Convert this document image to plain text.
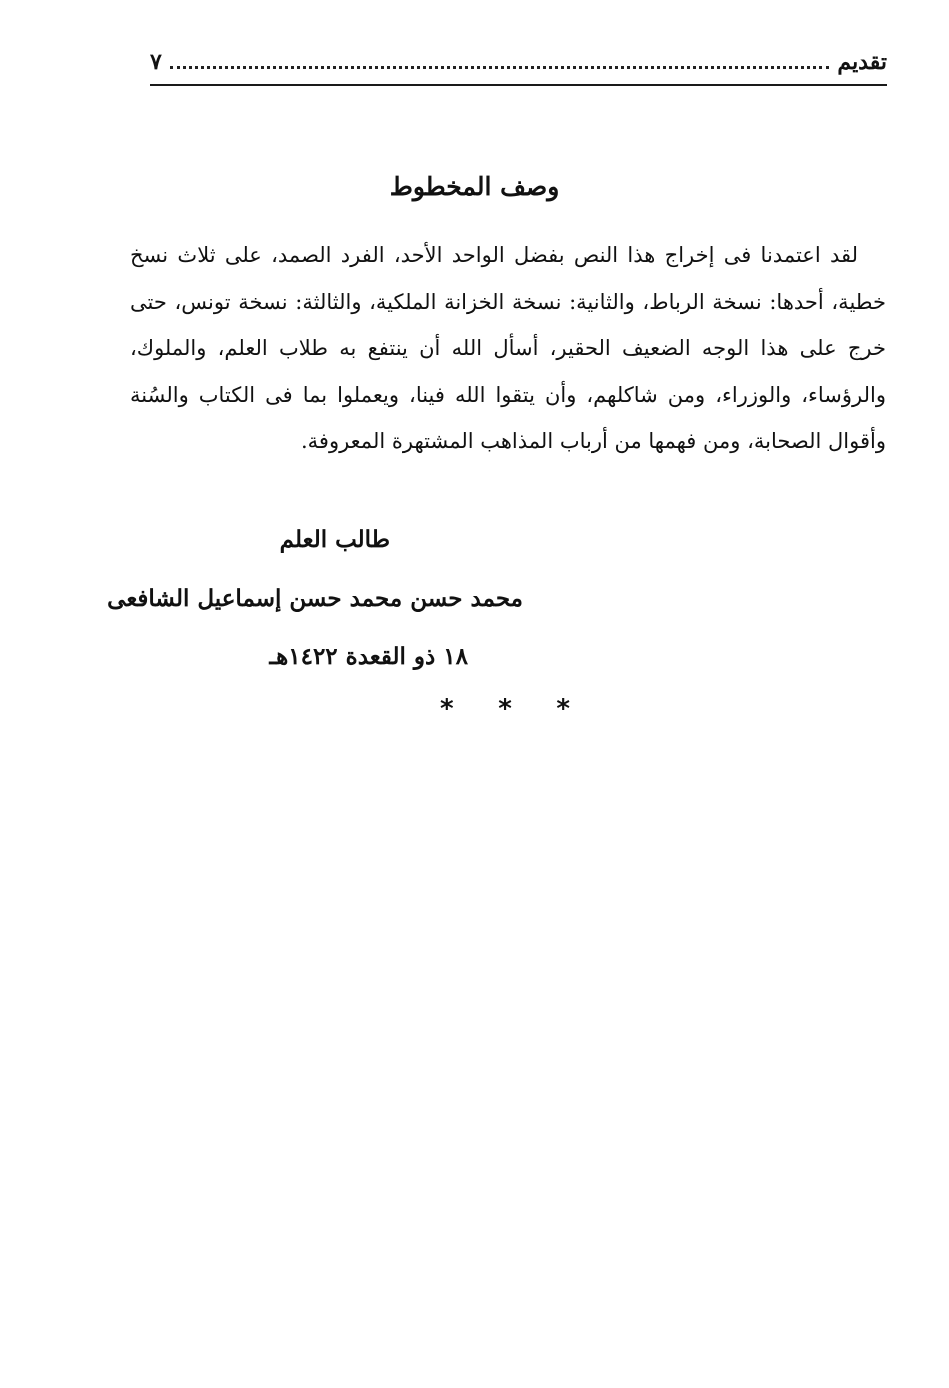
تقديم
٧
وصف المخطوط

لقد اعتمدنا فى إخراج هذا النص بفضل الواحد الأحد، الفرد الصمد، على ثلاث نسخ خطية، أحدها: نسخة الرباط، والثانية: نسخة الخزانة الملكية، والثالثة: نسخة تونس، حتى خرج على هذا الوجه الضعيف الحقير، أسأل الله أن ينتفع به طلاب العلم، والملوك، والرؤساء، والوزراء، ومن شاكلهم، وأن يتقوا الله فينا، ويعملوا بما فى الكتاب والسُنة وأقوال الصحابة، ومن فهمها من أرباب المذاهب المشتهرة المعروفة.

طالب العلم
محمد حسن محمد حسن إسماعيل الشافعى
١٨ ذو القعدة ١٤٢٢هـ
*
*
*
